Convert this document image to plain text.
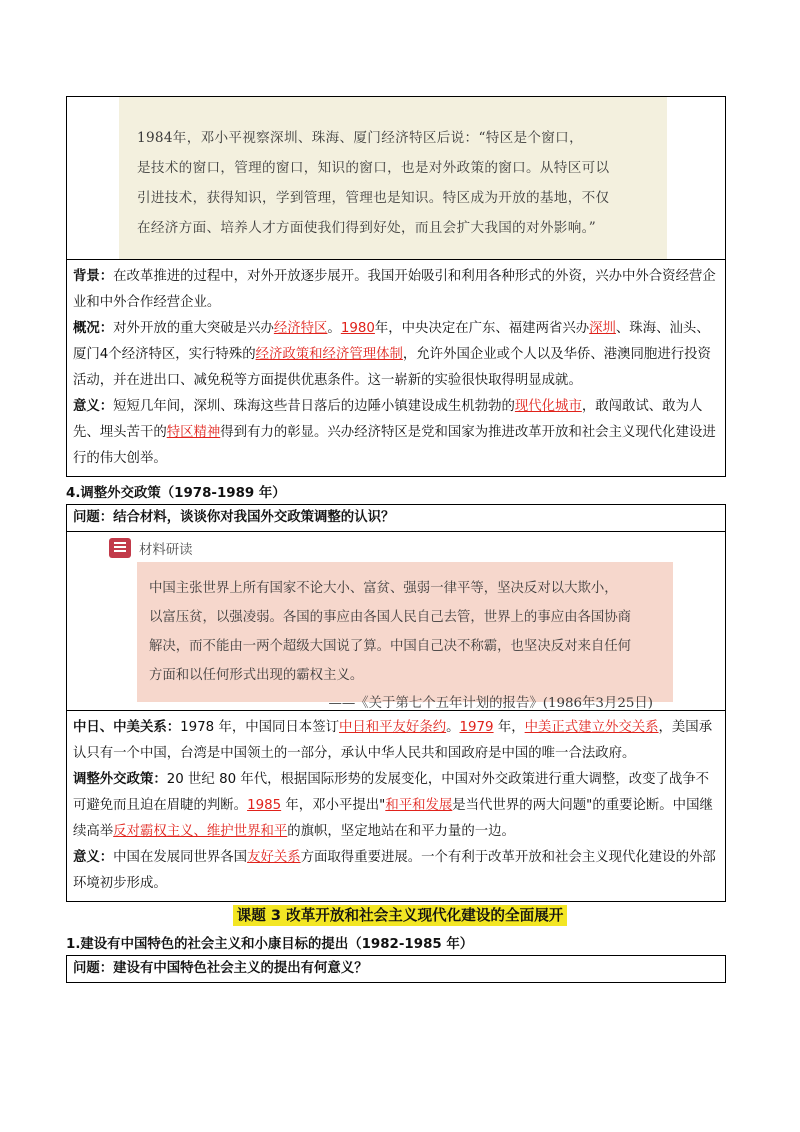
1984年，邓小平视察深圳、珠海、厦门经济特区后说：“特区是个窗口，

是技术的窗口，管理的窗口，知识的窗口，也是对外政策的窗口。从特区可以

引进技术，获得知识，学到管理，管理也是知识。特区成为开放的基地，不仅

在经济方面、培养人才方面使我们得到好处，而且会扩大我国的对外影响。”

背景：在改革推进的过程中，对外开放逐步展开。我国开始吸引和利用各种形式的外资，兴办中外合资经营企业和中外合作经营企业。

概况：对外开放的重大突破是兴办经济特区。1980年，中央决定在广东、福建两省兴办深圳、珠海、汕头、厦门4个经济特区，实行特殊的经济政策和经济管理体制，允许外国企业或个人以及华侨、港澳同胞进行投资活动，并在进出口、减免税等方面提供优惠条件。这一崭新的实验很快取得明显成就。

意义：短短几年间，深圳、珠海这些昔日落后的边陲小镇建设成生机勃勃的现代化城市，敢闯敢试、敢为人先、埋头苦干的特区精神得到有力的彰显。兴办经济特区是党和国家为推进改革开放和社会主义现代化建设进行的伟大创举。

4.调整外交政策（1978-1989 年）
问题：结合材料，谈谈你对我国外交政策调整的认识？
材料研读

中国主张世界上所有国家不论大小、富贫、强弱一律平等，坚决反对以大欺小，

以富压贫，以强凌弱。各国的事应由各国人民自己去管，世界上的事应由各国协商

解决，而不能由一两个超级大国说了算。中国自己决不称霸，也坚决反对来自任何

方面和以任何形式出现的霸权主义。

——《关于第七个五年计划的报告》(1986年3月25日)

中日、中美关系：1978 年，中国同日本签订中日和平友好条约。1979 年，中美正式建立外交关系，美国承认只有一个中国，台湾是中国领土的一部分，承认中华人民共和国政府是中国的唯一合法政府。

调整外交政策：20 世纪 80 年代，根据国际形势的发展变化，中国对外交政策进行重大调整，改变了战争不可避免而且迫在眉睫的判断。1985 年，邓小平提出"和平和发展是当代世界的两大问题"的重要论断。中国继续高举反对霸权主义、维护世界和平的旗帜，坚定地站在和平力量的一边。

意义：中国在发展同世界各国友好关系方面取得重要进展。一个有利于改革开放和社会主义现代化建设的外部环境初步形成。

课题 3 改革开放和社会主义现代化建设的全面展开
1.建设有中国特色的社会主义和小康目标的提出（1982-1985 年）
问题：建设有中国特色社会主义的提出有何意义？
